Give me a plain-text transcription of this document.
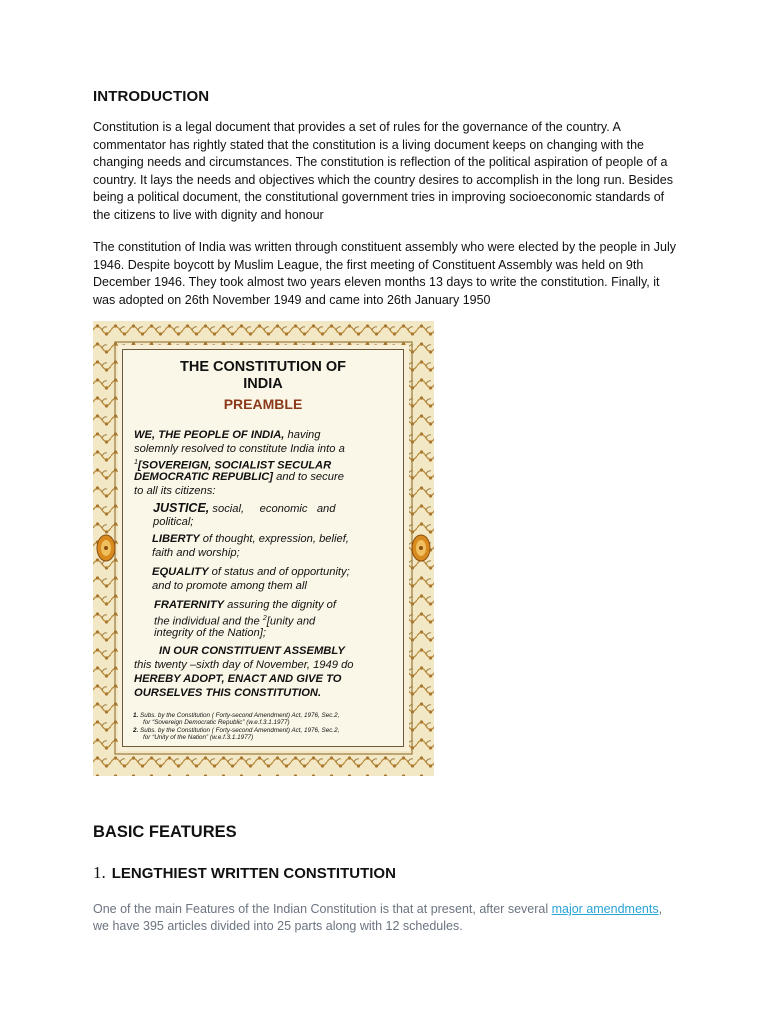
INTRODUCTION

Constitution is a legal document that provides a set of rules for the governance of the country. A commentator has rightly stated that the constitution is a living document keeps on changing with the changing needs and circumstances. The constitution is reflection of the political aspiration of people of a country. It lays the needs and objectives which the country desires to accomplish in the long run. Besides being a political document, the constitutional government tries in improving socioeconomic standards of the citizens to live with dignity and honour

The constitution of India was written through constituent assembly who were elected by the people in July 1946. Despite boycott by Muslim League, the first meeting of Constituent Assembly was held on 9th December 1946. They took almost two years eleven months 13 days to write the constitution. Finally, it was adopted on 26th November 1949 and came into 26th January 1950

THE CONSTITUTION OF
INDIA
PREAMBLE
WE, THE PEOPLE OF INDIA, having
solemnly resolved to constitute India into a
$^1$[SOVEREIGN, SOCIALIST SECULAR
DEMOCRATIC REPUBLIC] and to secure
to all its citizens:
JUSTICE, social,     economic   and
political;
LIBERTY of thought, expression, belief,
faith and worship;
EQUALITY of status and of opportunity;
and to promote among them all
FRATERNITY assuring the dignity of
the individual and the $^2$[unity and
integrity of the Nation];
IN OUR CONSTITUENT ASSEMBLY
this twenty –sixth day of November, 1949 do
HEREBY ADOPT, ENACT AND GIVE TO
OURSELVES THIS CONSTITUTION.
1. Subs. by the Constitution ( Forty-second Amendment) Act, 1976, Sec.2,
for “Sovereign Democratic Republic” (w.e.f.3.1.1977)
2. Subs. by the Constitution ( Forty-second Amendment) Act, 1976, Sec.2,
for “Unity of the Nation” (w.e.f.3.1.1977)
BASIC FEATURES
1. LENGTHIEST WRITTEN CONSTITUTION

One of the main Features of the Indian Constitution is that at present, after several major amendments, we have 395 articles divided into 25 parts along with 12 schedules.
